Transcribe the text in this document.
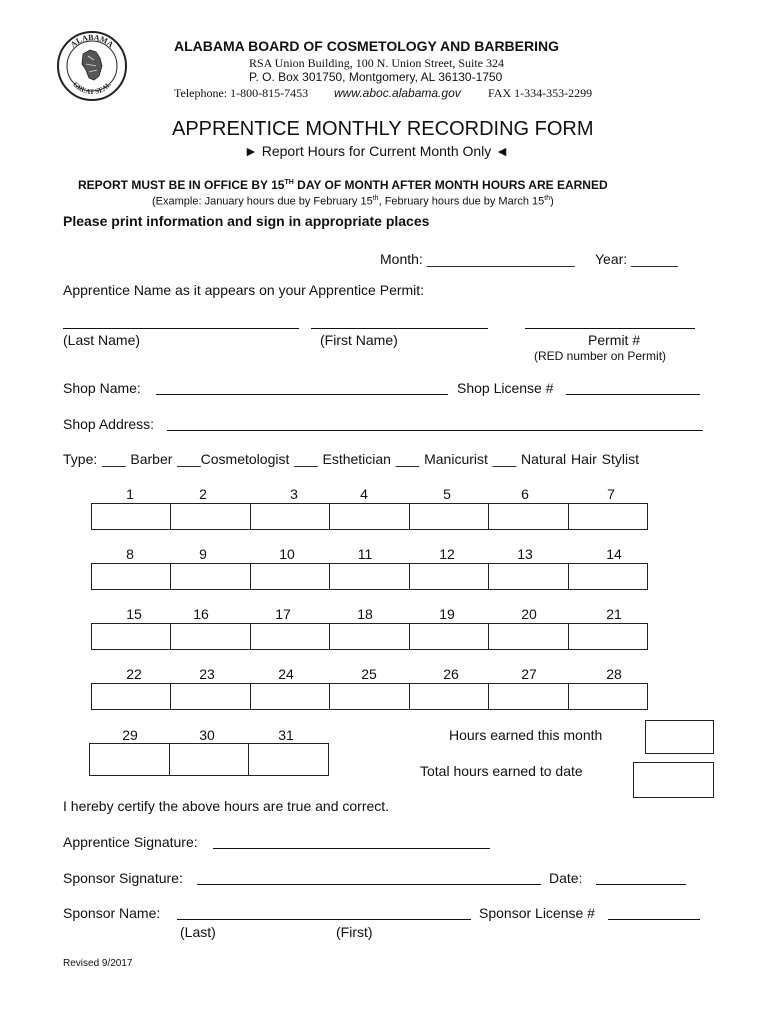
ALABAMA
GREAT SEAL
ALABAMA BOARD OF COSMETOLOGY AND BARBERING
RSA Union Building, 100 N. Union Street, Suite 324
P. O. Box 301750, Montgomery, AL 36130-1750
Telephone: 1-800-815-7453 www.aboc.alabama.gov FAX 1-334-353-2299
APPRENTICE MONTHLY RECORDING FORM
► Report Hours for Current Month Only ◄
REPORT MUST BE IN OFFICE BY 15TH DAY OF MONTH AFTER MONTH HOURS ARE EARNED
(Example: January hours due by February 15th, February hours due by March 15th)
Please print information and sign in appropriate places
Month: ___________________ Year: ______
Apprentice Name as it appears on your Apprentice Permit:
(Last Name)	(First Name)	Permit #
(RED number on Permit)
Shop Name:	Shop License #
Shop Address:
Type: ___ Barber ___Cosmetologist ___ Esthetician ___ Manicurist ___ Natural Hair Stylist
1	2	3	4	5	6	7
8	9	10	11	12	13	14
15	16	17	18	19	20	21
22	23	24	25	26	27	28
29	30	31	Hours earned this month
Total hours earned to date
I hereby certify the above hours are true and correct.
Apprentice Signature:
Sponsor Signature:	Date:
Sponsor Name:	Sponsor License #
(Last)	(First)
Revised 9/2017
